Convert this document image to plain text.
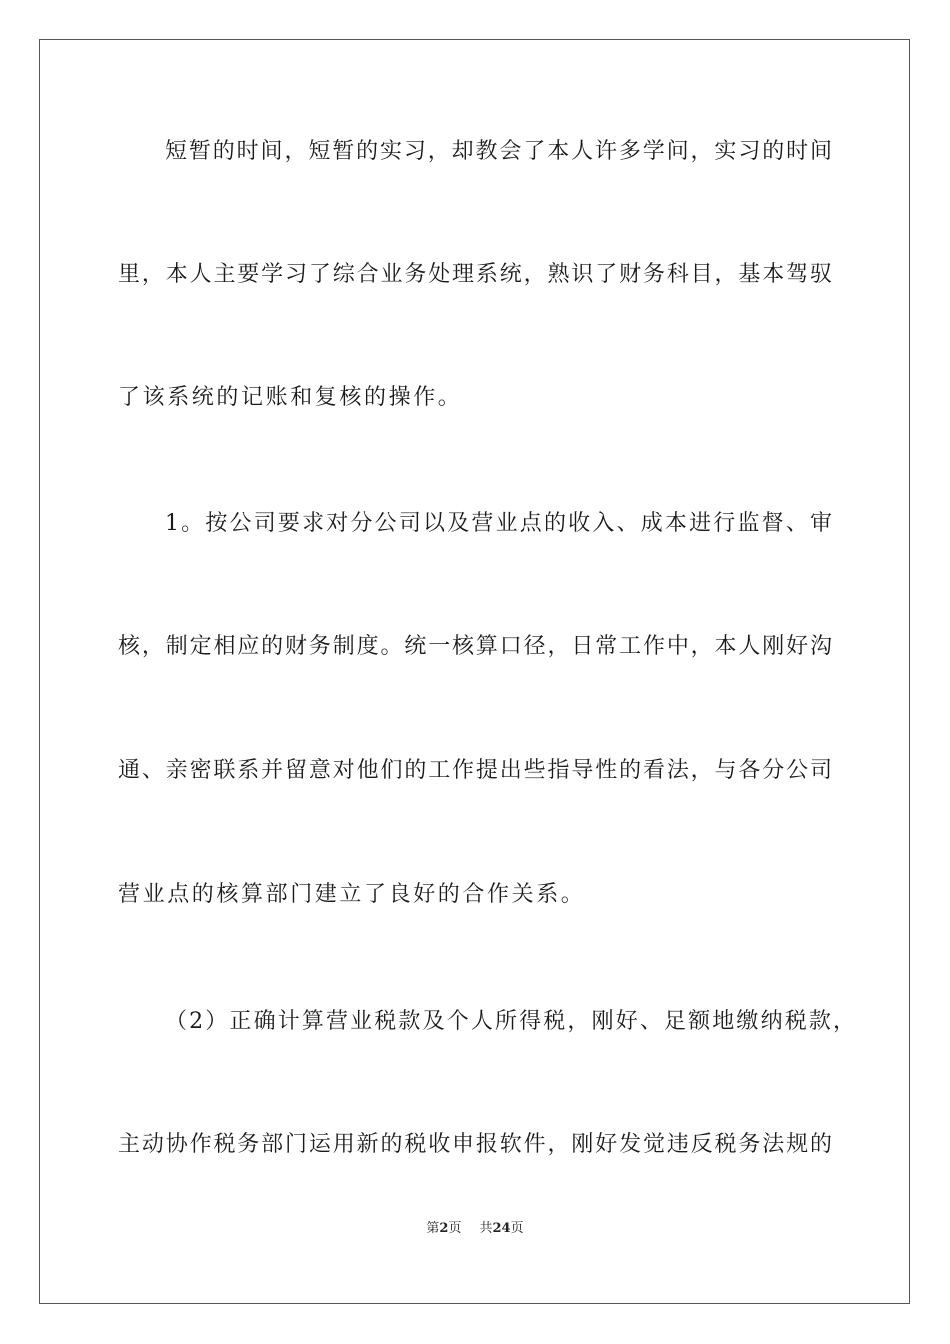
短暂的时间，短暂的实习，却教会了本人许多学问，实习的时间
里，本人主要学习了综合业务处理系统，熟识了财务科目，基本驾驭
了该系统的记账和复核的操作。
1。按公司要求对分公司以及营业点的收入、成本进行监督、审
核，制定相应的财务制度。统一核算口径，日常工作中，本人刚好沟
通、亲密联系并留意对他们的工作提出些指导性的看法，与各分公司
营业点的核算部门建立了良好的合作关系。
（2）正确计算营业税款及个人所得税，刚好、足额地缴纳税款，
主动协作税务部门运用新的税收申报软件，刚好发觉违反税务法规的
第2页 共24页
